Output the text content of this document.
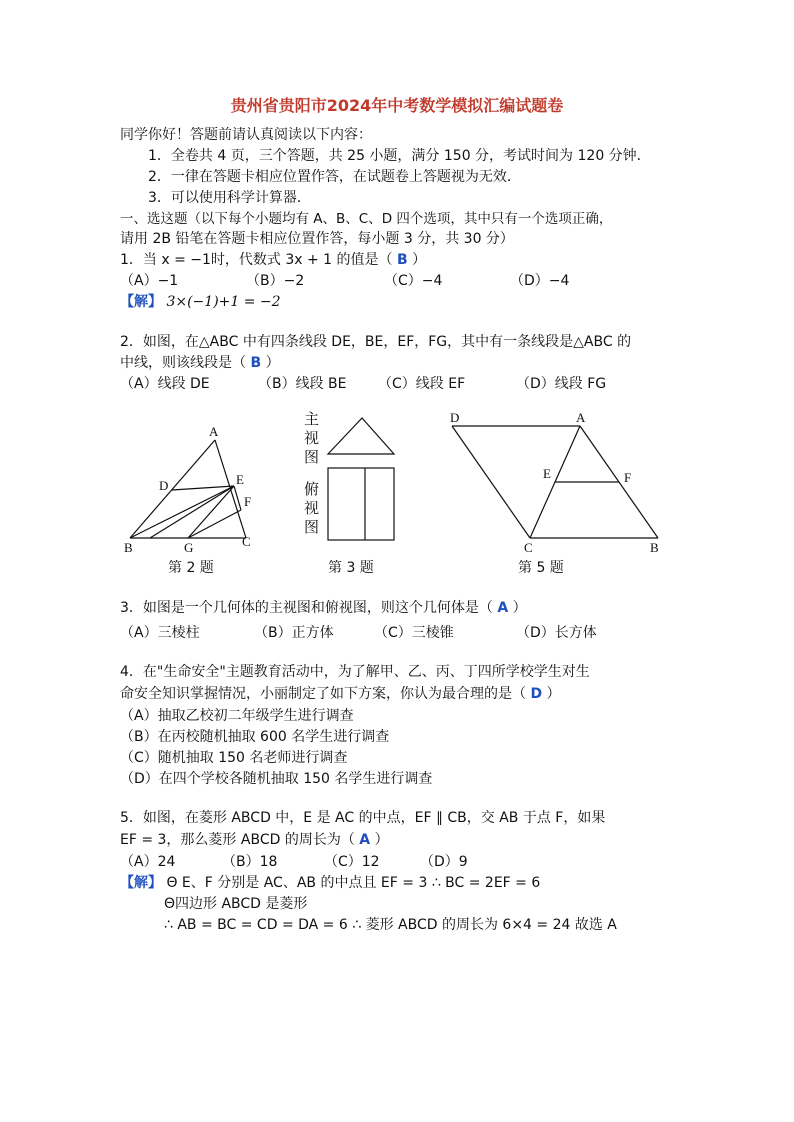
贵州省贵阳市2024年中考数学模拟汇编试题卷
同学你好！答题前请认真阅读以下内容：
1．全卷共 4 页，三个答题，共 25 小题，满分 150 分，考试时间为 120 分钟．
2．一律在答题卡相应位置作答，在试题卷上答题视为无效．
3．可以使用科学计算器．
一、选这题（以下每个小题均有 A、B、C、D 四个选项，其中只有一个选项正确，
请用 2B 铅笔在答题卡相应位置作答，每小题 3 分，共 30 分）
1．当 x = −1时，代数式 3x + 1 的值是（ B ）
（A）−1	（B）−2	（C）−4	（D）−4
【解】 3×(−1)+1 = −2
2．如图，在△ABC 中有四条线段 DE，BE，EF，FG，其中有一条线段是△ABC 的
中线，则该线段是（ B ）
（A）线段 DE	（B）线段 BE （C）线段 EF	（D）线段 FG
A
D	E
F
B	G	C
第 2 题
主
视
图
俯
视
图
第 3 题
D	A
E	F
C	B
第 5 题
3．如图是一个几何体的主视图和俯视图，则这个几何体是（ A ）
（A）三棱柱	（B）正方体	（C）三棱锥	（D）长方体
4．在"生命安全"主题教育活动中，为了解甲、乙、丙、丁四所学校学生对生
命安全知识掌握情况，小丽制定了如下方案，你认为最合理的是（ D ）
（A）抽取乙校初二年级学生进行调查
（B）在丙校随机抽取 600 名学生进行调查
（C）随机抽取 150 名老师进行调查
（D）在四个学校各随机抽取 150 名学生进行调查
5．如图，在菱形 ABCD 中，E 是 AC 的中点，EF ∥ CB，交 AB 于点 F，如果
EF = 3，那么菱形 ABCD 的周长为（ A ）
（A）24	（B）18	（C）12	（D）9
【解】 Θ E、F 分别是 AC、AB 的中点且 EF = 3 ∴ BC = 2EF = 6
Θ四边形 ABCD 是菱形
∴ AB = BC = CD = DA = 6 ∴ 菱形 ABCD 的周长为 6×4 = 24 故选 A
